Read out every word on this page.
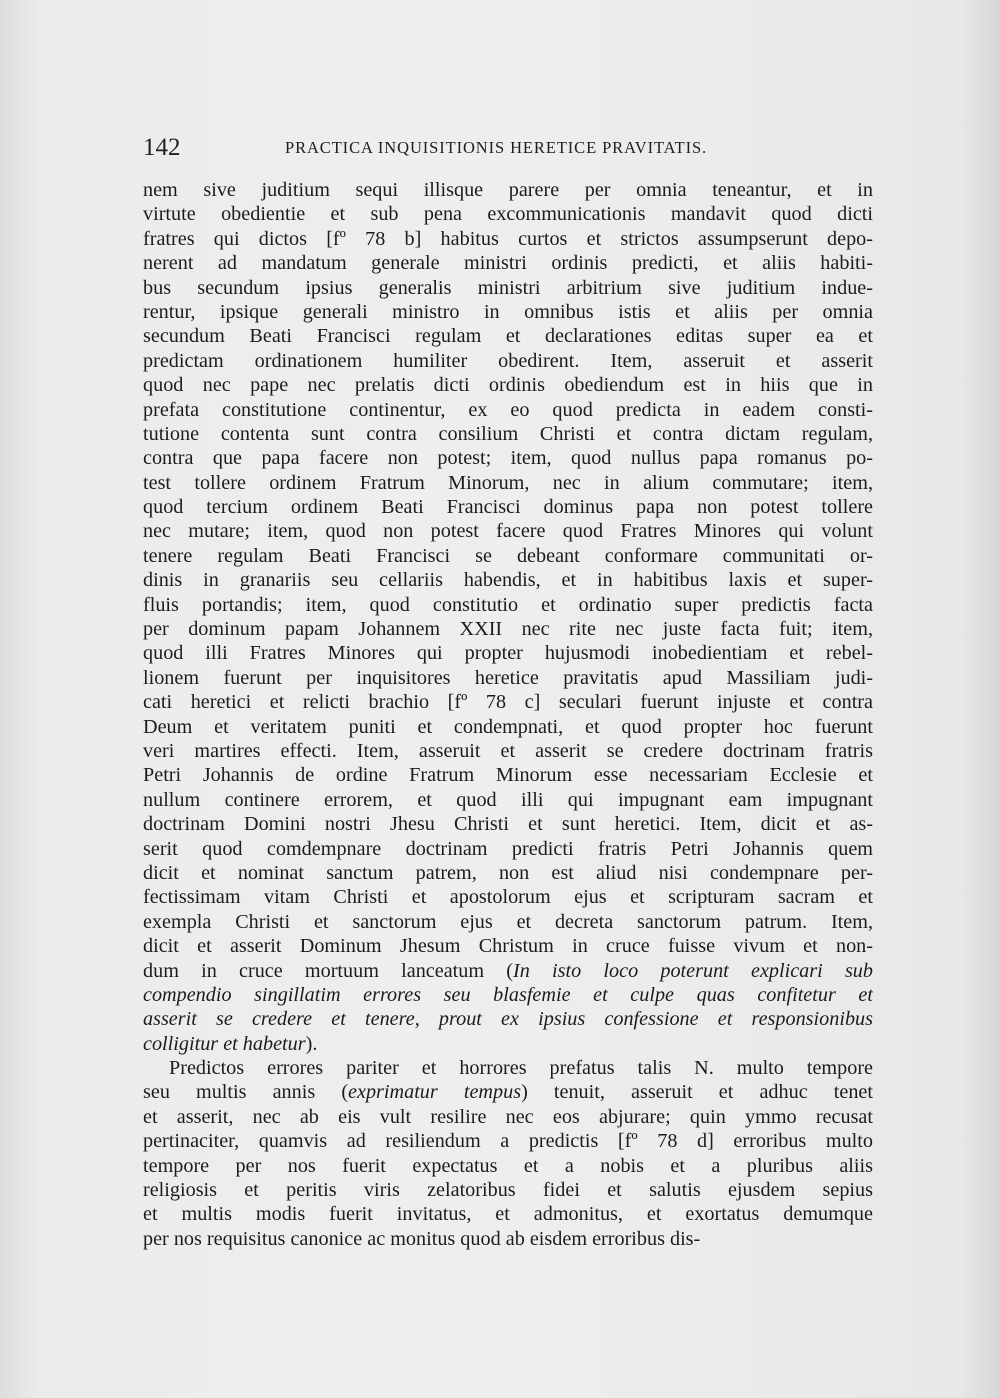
142	PRACTICA INQUISITIONIS HERETICE PRAVITATIS.
nem sive juditium sequi illisque parere per omnia teneantur, et in
virtute obedientie et sub pena excommunicationis mandavit quod dicti
fratres qui dictos [fº 78 b] habitus curtos et strictos assumpserunt depo-
nerent ad mandatum generale ministri ordinis predicti, et aliis habiti-
bus secundum ipsius generalis ministri arbitrium sive juditium indue-
rentur, ipsique generali ministro in omnibus istis et aliis per omnia
secundum Beati Francisci regulam et declarationes editas super ea et
predictam ordinationem humiliter obedirent. Item, asseruit et asserit
quod nec pape nec prelatis dicti ordinis obediendum est in hiis que in
prefata constitutione continentur, ex eo quod predicta in eadem consti-
tutione contenta sunt contra consilium Christi et contra dictam regulam,
contra que papa facere non potest; item, quod nullus papa romanus po-
test tollere ordinem Fratrum Minorum, nec in alium commutare; item,
quod tercium ordinem Beati Francisci dominus papa non potest tollere
nec mutare; item, quod non potest facere quod Fratres Minores qui volunt
tenere regulam Beati Francisci se debeant conformare communitati or-
dinis in granariis seu cellariis habendis, et in habitibus laxis et super-
fluis portandis; item, quod constitutio et ordinatio super predictis facta
per dominum papam Johannem XXII nec rite nec juste facta fuit; item,
quod illi Fratres Minores qui propter hujusmodi inobedientiam et rebel-
lionem fuerunt per inquisitores heretice pravitatis apud Massiliam judi-
cati heretici et relicti brachio [fº 78 c] seculari fuerunt injuste et contra
Deum et veritatem puniti et condempnati, et quod propter hoc fuerunt
veri martires effecti. Item, asseruit et asserit se credere doctrinam fratris
Petri Johannis de ordine Fratrum Minorum esse necessariam Ecclesie et
nullum continere errorem, et quod illi qui impugnant eam impugnant
doctrinam Domini nostri Jhesu Christi et sunt heretici. Item, dicit et as-
serit quod comdempnare doctrinam predicti fratris Petri Johannis quem
dicit et nominat sanctum patrem, non est aliud nisi condempnare per-
fectissimam vitam Christi et apostolorum ejus et scripturam sacram et
exempla Christi et sanctorum ejus et decreta sanctorum patrum. Item,
dicit et asserit Dominum Jhesum Christum in cruce fuisse vivum et non-
dum in cruce mortuum lanceatum (In isto loco poterunt explicari sub
compendio singillatim errores seu blasfemie et culpe quas confitetur et
asserit se credere et tenere, prout ex ipsius confessione et responsionibus
colligitur et habetur).
Predictos errores pariter et horrores prefatus talis N. multo tempore
seu multis annis (exprimatur tempus) tenuit, asseruit et adhuc tenet
et asserit, nec ab eis vult resilire nec eos abjurare; quin ymmo recusat
pertinaciter, quamvis ad resiliendum a predictis [fº 78 d] erroribus multo
tempore per nos fuerit expectatus et a nobis et a pluribus aliis
religiosis et peritis viris zelatoribus fidei et salutis ejusdem sepius
et multis modis fuerit invitatus, et admonitus, et exortatus demumque
per nos requisitus canonice ac monitus quod ab eisdem erroribus dis-
